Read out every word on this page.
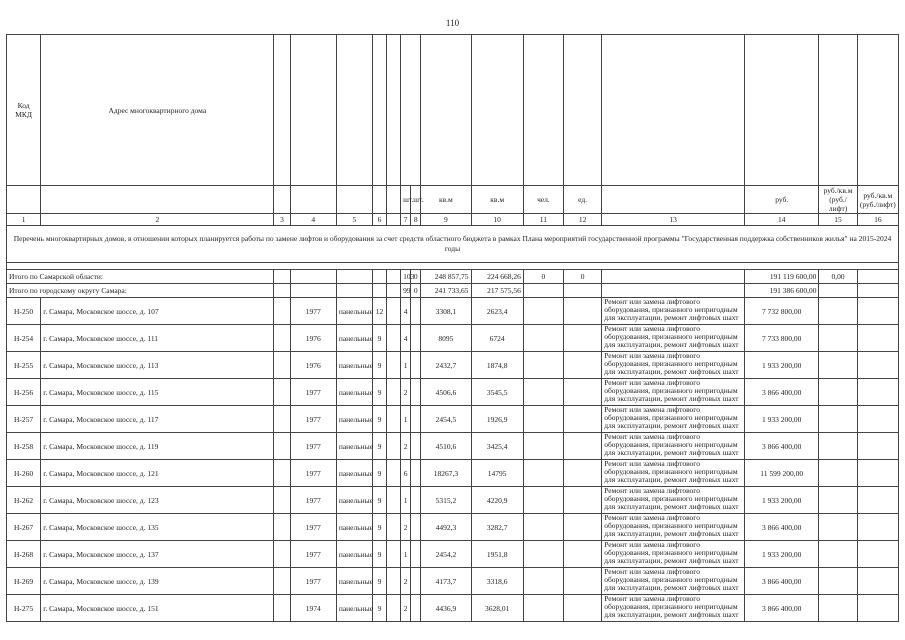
110
Код МКД	Адрес многоквартирного дома															
							шт.	шт.	кв.м	кв.м	чел.	ед.		руб.	руб./кв.м (руб./лифт)	руб./кв.м (руб./лифт)
1	2	3	4	5	6		7	8	9	10	11	12	13	14	15	16
Перечень многоквартирных домов, в отношении которых планируется работы по замене лифтов и оборудования за счет средств областного бюджета в рамках Плана мероприятий государственной программы "Государственная поддержка собственников жилья" на 2015-2024 годы																

Итого по Самарской области:							103	0	248 857,75	224 668,26	0	0		191 119 600,00	0,00	
Итого по городскому округу Самара:							99	0	241 733,65	217 575,56				191 386 600,00		
Н-250	г. Самара, Московское шоссе, д. 107		1977	панельные	12		4		3308,1	2623,4			Ремонт или замена лифтового оборудования, признанного непригодным для эксплуатации, ремонт лифтовых шахт	7 732 800,00		
Н-254	г. Самара, Московское шоссе, д. 111		1976	панельные	9		4		8095	6724			Ремонт или замена лифтового оборудования, признанного непригодным для эксплуатации, ремонт лифтовых шахт	7 733 800,00		
Н-255	г. Самара, Московское шоссе, д. 113		1976	панельные	9		1		2432,7	1874,8			Ремонт или замена лифтового оборудования, признанного непригодным для эксплуатации, ремонт лифтовых шахт	1 933 200,00		
Н-256	г. Самара, Московское шоссе, д. 115		1977	панельные	9		2		4506,6	3545,5			Ремонт или замена лифтового оборудования, признанного непригодным для эксплуатации, ремонт лифтовых шахт	3 866 400,00		
Н-257	г. Самара, Московское шоссе, д. 117		1977	панельные	9		1		2454,5	1926,9			Ремонт или замена лифтового оборудования, признанного непригодным для эксплуатации, ремонт лифтовых шахт	1 933 200,00		
Н-258	г. Самара, Московское шоссе, д. 119		1977	панельные	9		2		4510,6	3425,4			Ремонт или замена лифтового оборудования, признанного непригодным для эксплуатации, ремонт лифтовых шахт	3 866 400,00		
Н-260	г. Самара, Московское шоссе, д. 121		1977	панельные	9		6		18267,3	14795			Ремонт или замена лифтового оборудования, признанного непригодным для эксплуатации, ремонт лифтовых шахт	11 599 200,00		
Н-262	г. Самара, Московское шоссе, д. 123		1977	панельные	9		1		5315,2	4220,9			Ремонт или замена лифтового оборудования, признанного непригодным для эксплуатации, ремонт лифтовых шахт	1 933 200,00		
Н-267	г. Самара, Московское шоссе, д. 135		1977	панельные	9		2		4492,3	3282,7			Ремонт или замена лифтового оборудования, признанного непригодным для эксплуатации, ремонт лифтовых шахт	3 866 400,00		
Н-268	г. Самара, Московское шоссе, д. 137		1977	панельные	9		1		2454,2	1951,8			Ремонт или замена лифтового оборудования, признанного непригодным для эксплуатации, ремонт лифтовых шахт	1 933 200,00		
Н-269	г. Самара, Московское шоссе, д. 139		1977	панельные	9		2		4173,7	3318,6			Ремонт или замена лифтового оборудования, признанного непригодным для эксплуатации, ремонт лифтовых шахт	3 866 400,00		
Н-275	г. Самара, Московское шоссе, д. 151		1974	панельные	9		2		4436,9	3628,01			Ремонт или замена лифтового оборудования, признанного непригодным для эксплуатации, ремонт лифтовых шахт	3 866 400,00		
